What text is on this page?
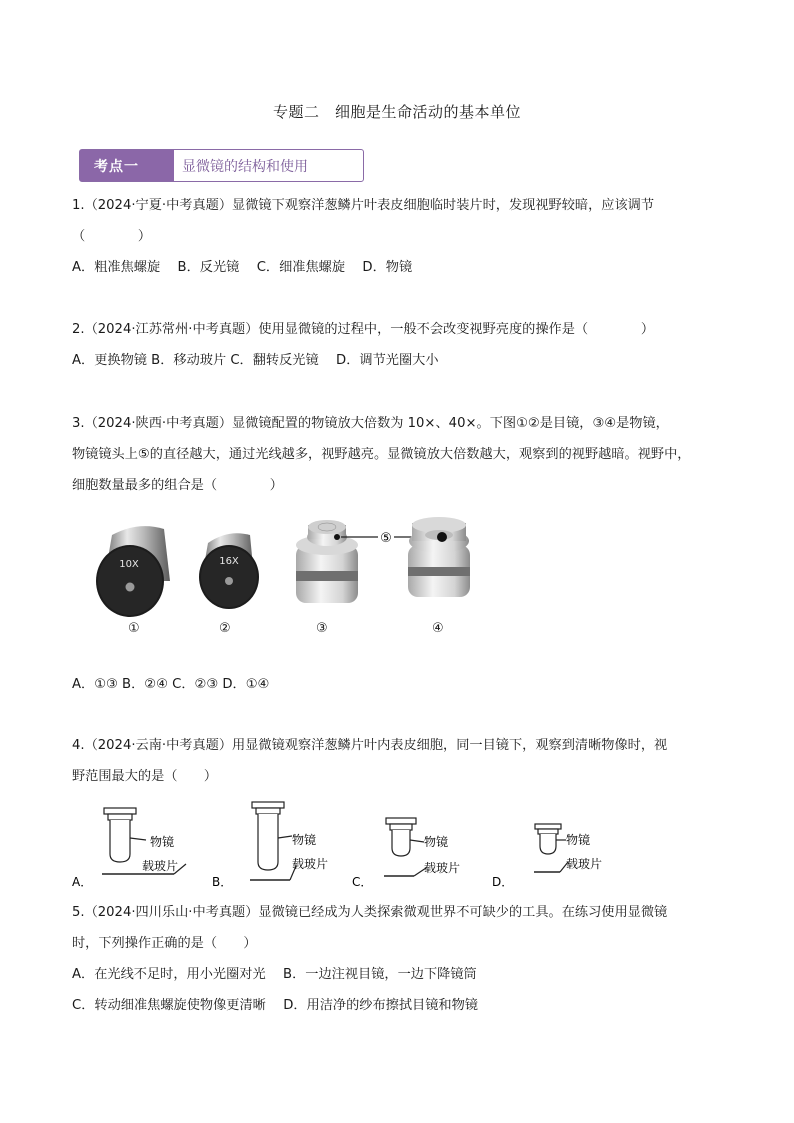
专题二　细胞是生命活动的基本单位
考点一	显微镜的结构和使用
1.（2024·宁夏·中考真题）显微镜下观察洋葱鳞片叶表皮细胞临时装片时，发现视野较暗，应该调节
（　　　　）
A．粗准焦螺旋　 B．反光镜　 C．细准焦螺旋　 D．物镜
2.（2024·江苏常州·中考真题）使用显微镜的过程中，一般不会改变视野亮度的操作是（　　　　）
A．更换物镜 B．移动玻片 C．翻转反光镜　 D．调节光圈大小
3.（2024·陕西·中考真题）显微镜配置的物镜放大倍数为 10×、40×。下图①②是目镜，③④是物镜，
物镜镜头上⑤的直径越大，通过光线越多，视野越亮。显微镜放大倍数越大，观察到的视野越暗。视野中，
细胞数量最多的组合是（　　　　）
10X	16X
⑤
①	②	③	④
A．①③ B．②④ C．②③ D．①④
4.（2024·云南·中考真题）用显微镜观察洋葱鳞片叶内表皮细胞，同一目镜下，观察到清晰物像时，视
野范围最大的是（　　）
物镜
载玻片
物镜
载玻片
物镜
载玻片
物镜
载玻片
A．	B．	C．	D．
5.（2024·四川乐山·中考真题）显微镜已经成为人类探索微观世界不可缺少的工具。在练习使用显微镜
时，下列操作正确的是（　　）
A．在光线不足时，用小光圈对光　 B．一边注视目镜，一边下降镜筒
C．转动细准焦螺旋使物像更清晰　 D．用洁净的纱布擦拭目镜和物镜
